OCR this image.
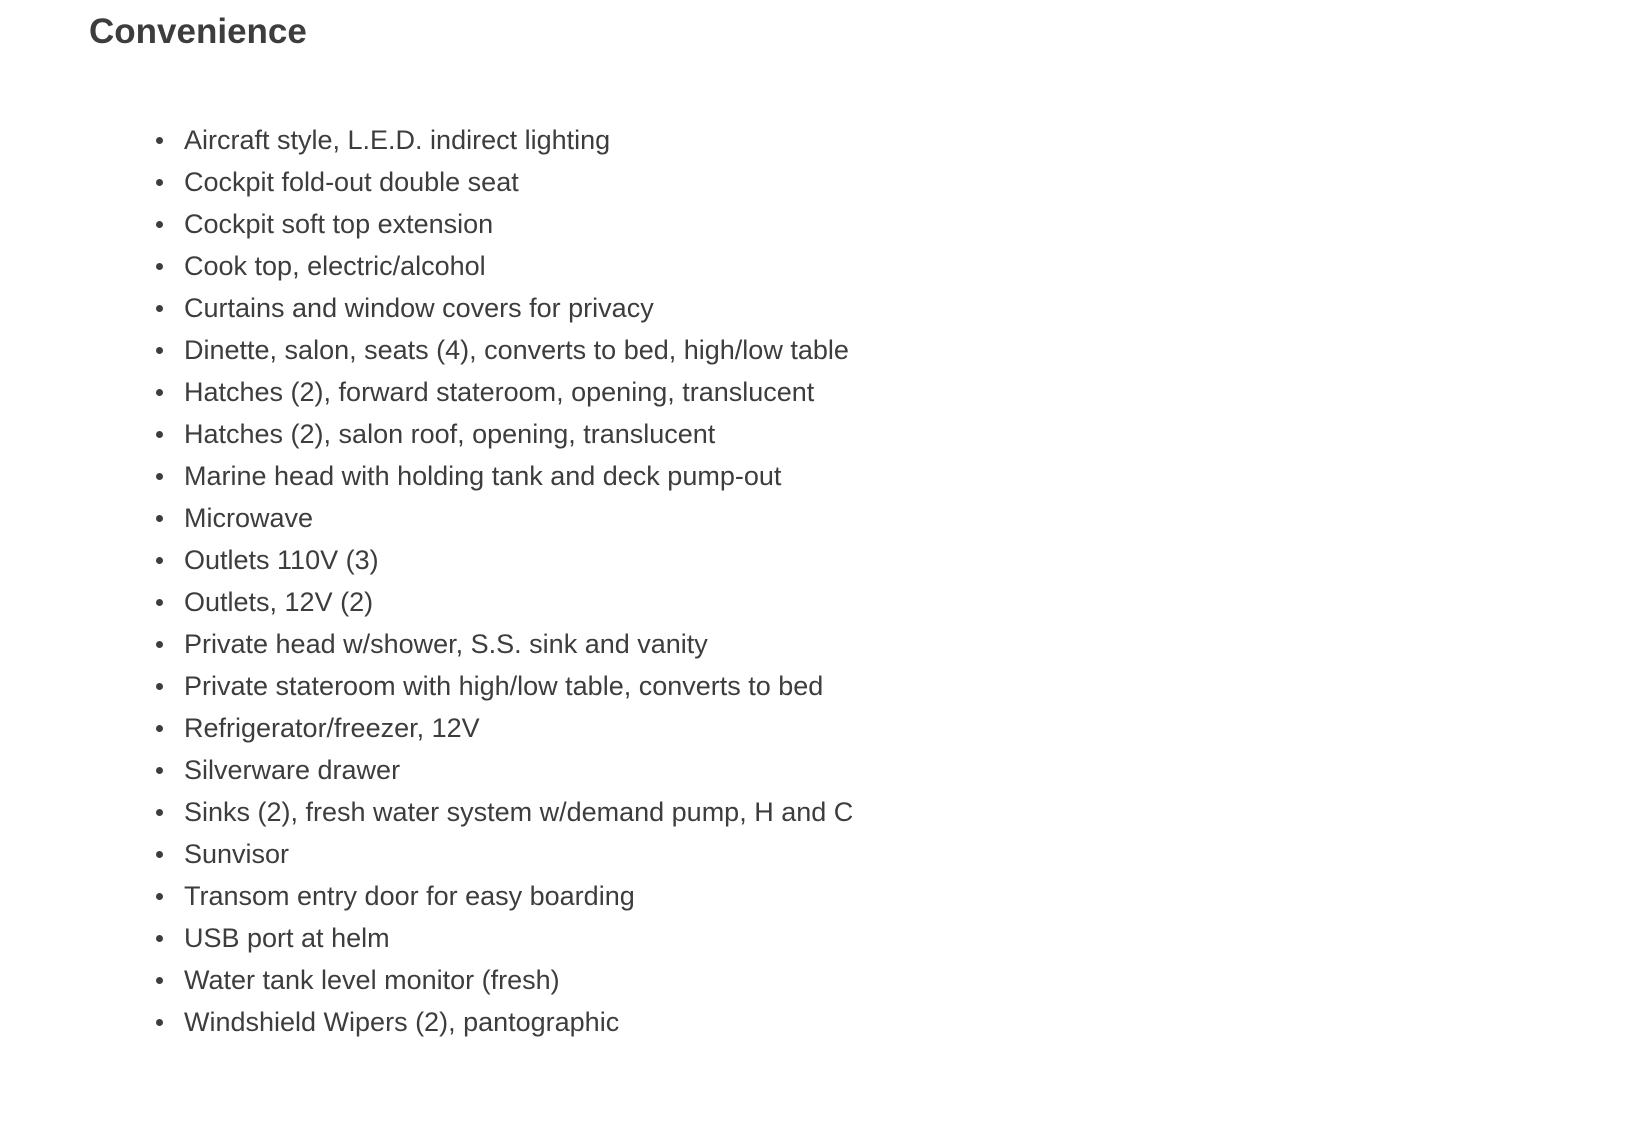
Convenience
Aircraft style, L.E.D. indirect lighting
Cockpit fold-out double seat
Cockpit soft top extension
Cook top, electric/alcohol
Curtains and window covers for privacy
Dinette, salon, seats (4), converts to bed, high/low table
Hatches (2), forward stateroom, opening, translucent
Hatches (2), salon roof, opening, translucent
Marine head with holding tank and deck pump-out
Microwave
Outlets 110V (3)
Outlets, 12V (2)
Private head w/shower, S.S. sink and vanity
Private stateroom with high/low table, converts to bed
Refrigerator/freezer, 12V
Silverware drawer
Sinks (2), fresh water system w/demand pump, H and C
Sunvisor
Transom entry door for easy boarding
USB port at helm
Water tank level monitor (fresh)
Windshield Wipers (2), pantographic
